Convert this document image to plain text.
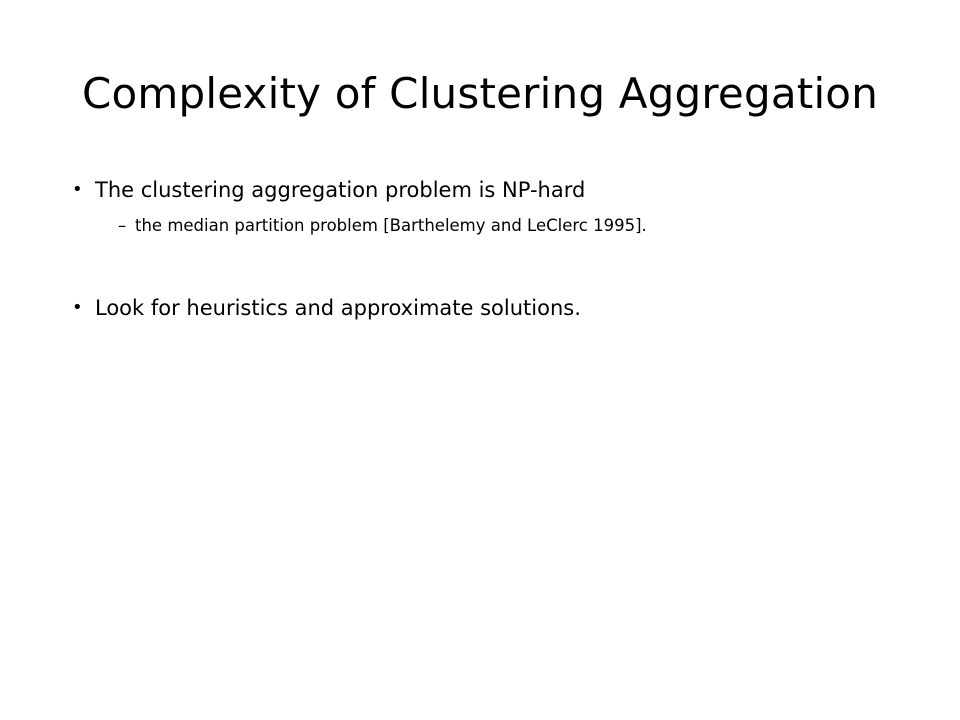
Complexity of Clustering Aggregation
• The clustering aggregation problem is NP-hard
– the median partition problem [Barthelemy and LeClerc 1995].
• Look for heuristics and approximate solutions.
